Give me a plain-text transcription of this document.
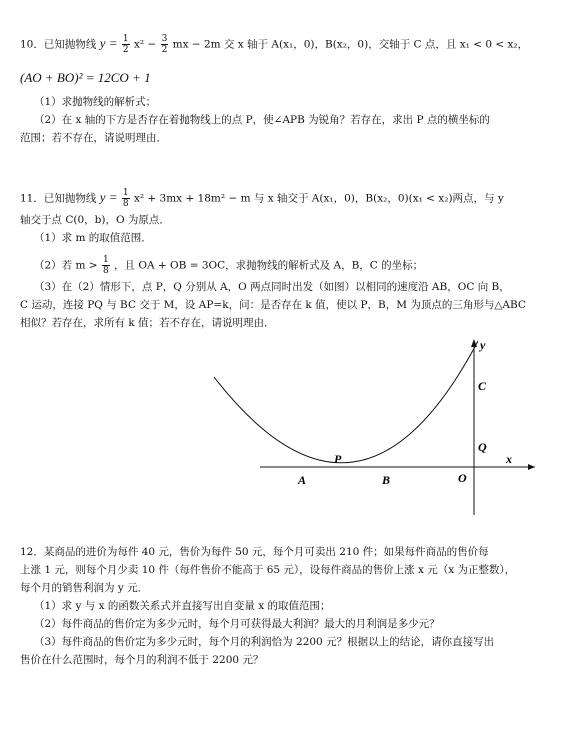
10．已知抛物线 $y = \frac{1}{2} x^2 - \frac{3}{2}$ mx − 2m 交 x 轴于 A(x₁，0)，B(x₂，0)，交轴于 C 点，且 x₁ < 0 < x₂，
(AO + BO)² = 12CO + 1
（1）求抛物线的解析式；
（2）在 x 轴的下方是否存在着抛物线上的点 P，使∠APB 为锐角？若存在，求出 P 点的横坐标的
范围；若不存在，请说明理由．
11．已知抛物线 $y = \frac{1}{8} x^2 + 3mx + 18m^2 - m$ 与 x 轴交于 A(x₁，0)，B(x₂，0)(x₁ < x₂)两点，与 y
轴交于点 C(0，b)，O 为原点．
（1）求 m 的取值范围．
（2）若 $m > \frac{1}{8}$ ，且 OA + OB = 3OC，求抛物线的解析式及 A，B，C 的坐标；
（3）在（2）情形下，点 P，Q 分别从 A，O 两点同时出发（如图）以相同的速度沿 AB，OC 向 B，
C 运动，连接 PQ 与 BC 交于 M，设 AP=k，问：是否存在 k 值，使以 P，B，M 为顶点的三角形与△ABC
相似？若存在，求所有 k 值；若不存在，请说明理由．
y
x
C
Q
P
A	B	O
12．某商品的进价为每件 40 元，售价为每件 50 元，每个月可卖出 210 件；如果每件商品的售价每
上涨 1 元，则每个月少卖 10 件（每件售价不能高于 65 元），设每件商品的售价上涨 x 元（x 为正整数），
每个月的销售利润为 y 元．
（1）求 y 与 x 的函数关系式并直接写出自变量 x 的取值范围；
（2）每件商品的售价定为多少元时，每个月可获得最大利润？最大的月利润是多少元？
（3）每件商品的售价定为多少元时，每个月的利润恰为 2200 元？根据以上的结论，请你直接写出
售价在什么范围时，每个月的利润不低于 2200 元？
